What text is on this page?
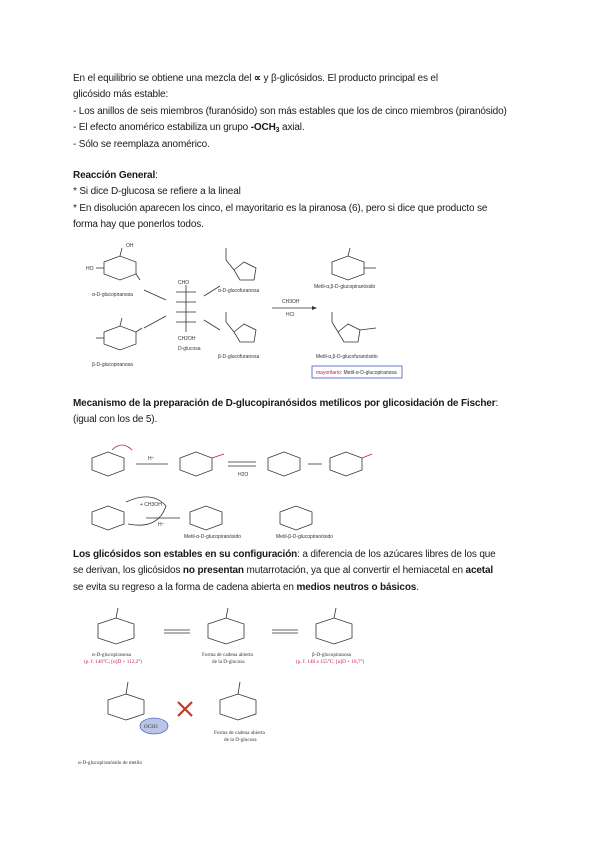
En el equilibrio se obtiene una mezcla del ∝ y β-glicósidos. El producto principal es el
glicósido más estable:
- Los anillos de seis miembros (furanósido) son más estables que los de cinco miembros (piranósido)
- El efecto anomérico estabiliza un grupo $-OCH_3$ axial.
- Sólo se reemplaza anomérico.
Reacción General:
* Si dice D-glucosa se refiere a la lineal
* En disolución aparecen los cinco, el mayoritario es la piranosa (6), pero si dice que producto se
forma hay que ponerlos todos.
OH
HO
α-D-glucopiranosa
β-D-glucopiranosa
CHO
CH2OH
D-glucosa
α-D-glucofuranosa
β-D-glucofuranosa
CH3OH
HCl
Metil-α,β-D-glucopiranósido
Metil-α,β-D-glucofuranósido
mayoritario: Metil-α-D-glucopiranosa
Mecanismo de la preparación de D-glucopiranósidos metílicos por glicosidación de Fischer:
(igual con los de 5).
H⁺
H2O
+ CH3OH
H⁺
Metil-α-D-glucopiranósido	Metil-β-D-glucopiranósido
Los glicósidos son estables en su configuración: a diferencia de los azúcares libres de los que
se derivan, los glicósidos no presentan mutarrotación, ya que al convertir el hemiacetal en acetal
se evita su regreso a la forma de cadena abierta en medios neutros o básicos.
OCH3
α-D-glucopiranosa
(p. f. 146°C; [α]D + 112,2°)
Forma de cadena abierta
de la D-glucosa
β-D-glucopiranosa
(p. f. 148 a 155°C; [α]D + 18,7°)
Forma de cadena abierta
de la D-glucosa
α-D-glucopiranósido de metilo
